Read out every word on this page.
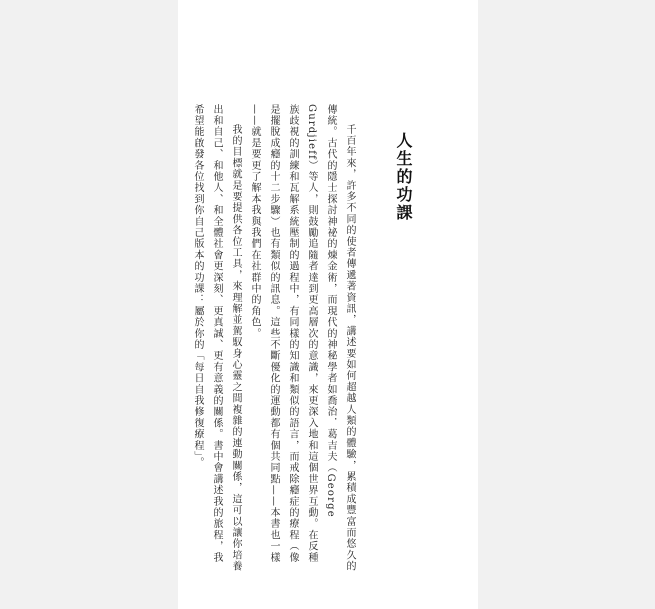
人生的功課

千百年來，許多不同的使者傳遞著資訊，講述要如何超越人類的體驗，累積成豐富而悠久的傳統。古代的隱士探討神祕的煉金術，而現代的神秘學者如喬治．葛吉夫（George Gurdjieff）等人，則鼓勵追隨者達到更高層次的意識，來更深入地和這個世界互動。在反種族歧視的訓練和瓦解系統壓制的過程中，有同樣的知識和類似的語言，而戒除癮症的療程（像是擺脫成癮的十二步驟）也有類似的訊息。這些不斷優化的運動都有個共同點——本書也一樣——就是要更了解本我與我們在社群中的角色。

我的目標就是要提供各位工具，來理解並駕馭身心靈之間複雜的連動關係，這可以讓你培養出和自己、和他人、和全體社會更深刻、更真誠、更有意義的關係。書中會講述我的旅程，我希望能啟發各位找到你自己版本的功課：屬於你的「每日自我修復療程」。
